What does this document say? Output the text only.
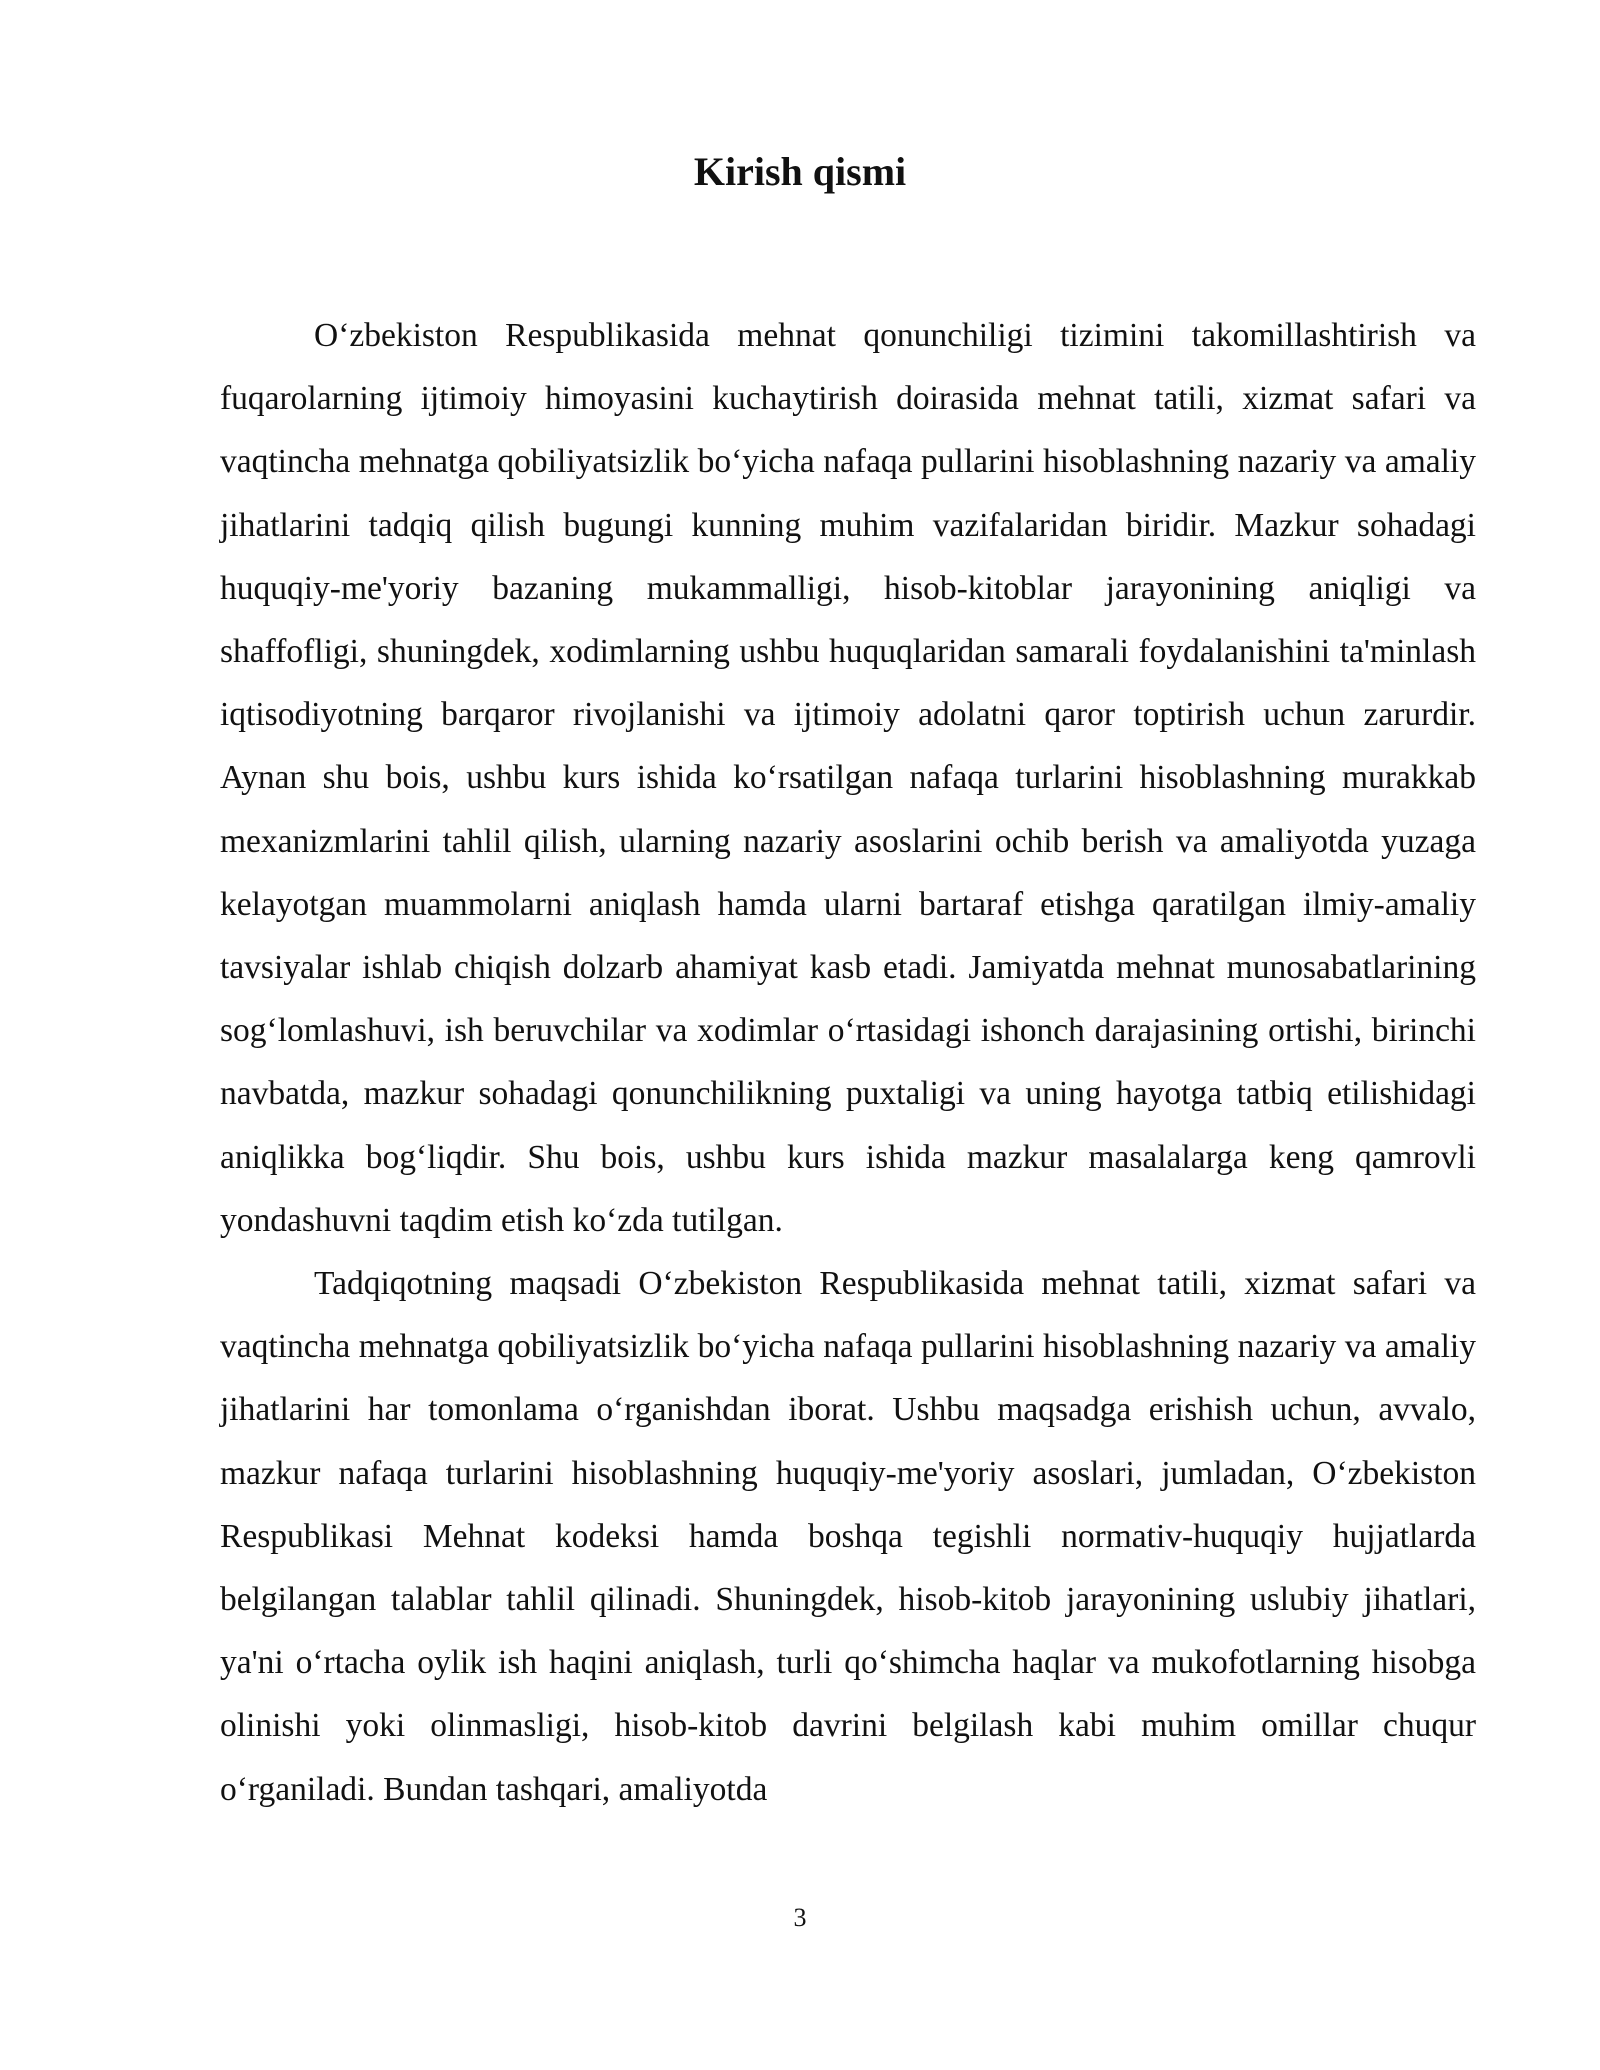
Kirish qismi

O‘zbekiston Respublikasida mehnat qonunchiligi tizimini takomillashtirish va fuqarolarning ijtimoiy himoyasini kuchaytirish doirasida mehnat tatili, xizmat safari va vaqtincha mehnatga qobiliyatsizlik bo‘yicha nafaqa pullarini hisoblashning nazariy va amaliy jihatlarini tadqiq qilish bugungi kunning muhim vazifalaridan biridir. Mazkur sohadagi huquqiy-me'yoriy bazaning mukammalligi, hisob-kitoblar jarayonining aniqligi va shaffofligi, shuningdek, xodimlarning ushbu huquqlaridan samarali foydalanishini ta'minlash iqtisodiyotning barqaror rivojlanishi va ijtimoiy adolatni qaror toptirish uchun zarurdir. Aynan shu bois, ushbu kurs ishida ko‘rsatilgan nafaqa turlarini hisoblashning murakkab mexanizmlarini tahlil qilish, ularning nazariy asoslarini ochib berish va amaliyotda yuzaga kelayotgan muammolarni aniqlash hamda ularni bartaraf etishga qaratilgan ilmiy-amaliy tavsiyalar ishlab chiqish dolzarb ahamiyat kasb etadi. Jamiyatda mehnat munosabatlarining sog‘lomlashuvi, ish beruvchilar va xodimlar o‘rtasidagi ishonch darajasining ortishi, birinchi navbatda, mazkur sohadagi qonunchilikning puxtaligi va uning hayotga tatbiq etilishidagi aniqlikka bog‘liqdir. Shu bois, ushbu kurs ishida mazkur masalalarga keng qamrovli yondashuvni taqdim etish ko‘zda tutilgan.

Tadqiqotning maqsadi O‘zbekiston Respublikasida mehnat tatili, xizmat safari va vaqtincha mehnatga qobiliyatsizlik bo‘yicha nafaqa pullarini hisoblashning nazariy va amaliy jihatlarini har tomonlama o‘rganishdan iborat. Ushbu maqsadga erishish uchun, avvalo, mazkur nafaqa turlarini hisoblashning huquqiy-me'yoriy asoslari, jumladan, O‘zbekiston Respublikasi Mehnat kodeksi hamda boshqa tegishli normativ-huquqiy hujjatlarda belgilangan talablar tahlil qilinadi. Shuningdek, hisob-kitob jarayonining uslubiy jihatlari, ya'ni o‘rtacha oylik ish haqini aniqlash, turli qo‘shimcha haqlar va mukofotlarning hisobga olinishi yoki olinmasligi, hisob-kitob davrini belgilash kabi muhim omillar chuqur o‘rganiladi. Bundan tashqari, amaliyotda

3
